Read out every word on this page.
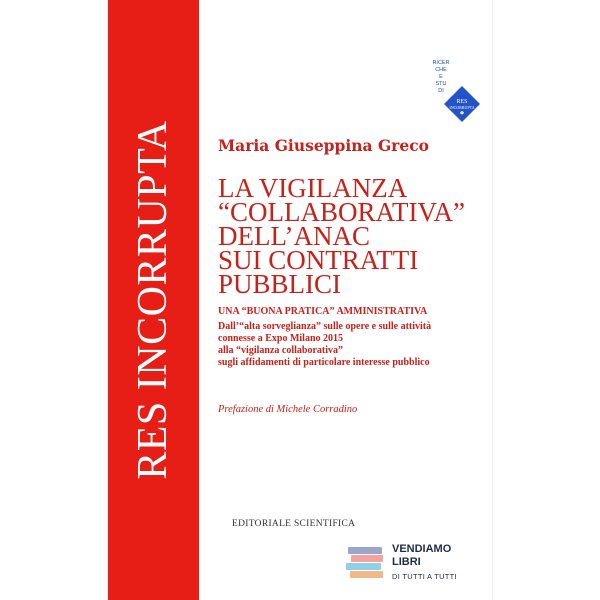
RES INCORRUPTA
RICER
CHE
E
STU
DI
RES
INCORRUPTA
Maria Giuseppina Greco
LA VIGILANZA
“COLLABORATIVA”
DELL’ANAC
SUI CONTRATTI
PUBBLICI
UNA “BUONA PRATICA” AMMINISTRATIVA
Dall’“alta sorveglianza” sulle opere e sulle attività
connesse a Expo Milano 2015
alla “vigilanza collaborativa”
sugli affidamenti di particolare interesse pubblico
Prefazione di Michele Corradino
EDITORIALE SCIENTIFICA
VENDIAMO
LIBRI
DI TUTTI A TUTTI
